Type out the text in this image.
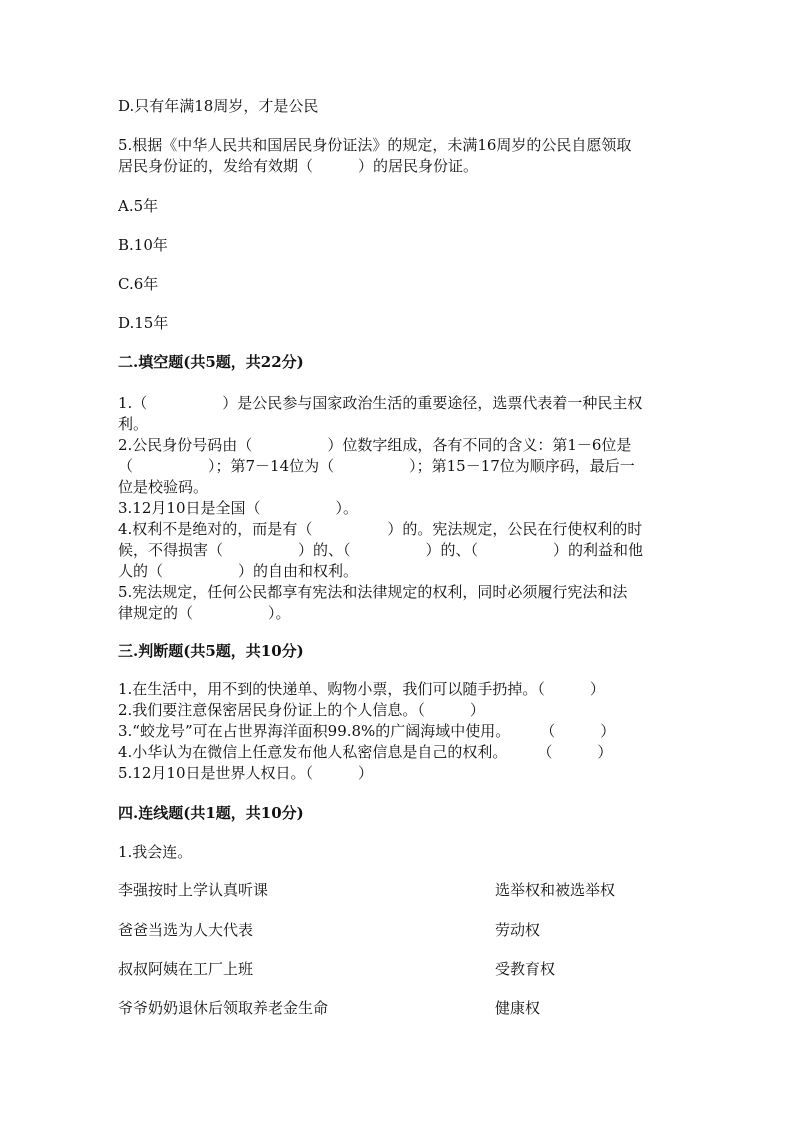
D.只有年满18周岁，才是公民
5.根据《中华人民共和国居民身份证法》的规定，未满16周岁的公民自愿领取
居民身份证的，发给有效期（　　　）的居民身份证。
A.5年
B.10年
C.6年
D.15年
二.填空题(共5题，共22分)
1.（　　　　　）是公民参与国家政治生活的重要途径，选票代表着一种民主权
利。
2.公民身份号码由（　　　　　）位数字组成，各有不同的含义：第1－6位是
（　　　　　）；第7－14位为（　　　　　）；第15－17位为顺序码，最后一
位是校验码。
3.12月10日是全国（　　　　　）。
4.权利不是绝对的，而是有（　　　　　）的。宪法规定，公民在行使权利的时
候，不得损害（　　　　　）的、（　　　　　）的、（　　　　　）的利益和他
人的（　　　　　）的自由和权利。
5.宪法规定，任何公民都享有宪法和法律规定的权利，同时必须履行宪法和法
律规定的（　　　　　）。
三.判断题(共5题，共10分)
1.在生活中，用不到的快递单、购物小票，我们可以随手扔掉。（　　　）
2.我们要注意保密居民身份证上的个人信息。（　　　）
3.“蛟龙号”可在占世界海洋面积99.8%的广阔海域中使用。　　　（　　　）
4.小华认为在微信上任意发布他人私密信息是自己的权利。　　　（　　　）
5.12月10日是世界人权日。（　　　）
四.连线题(共1题，共10分)
1.我会连。
李强按时上学认真听课	选举权和被选举权
爸爸当选为人大代表	劳动权
叔叔阿姨在工厂上班	受教育权
爷爷奶奶退休后领取养老金生命	健康权
